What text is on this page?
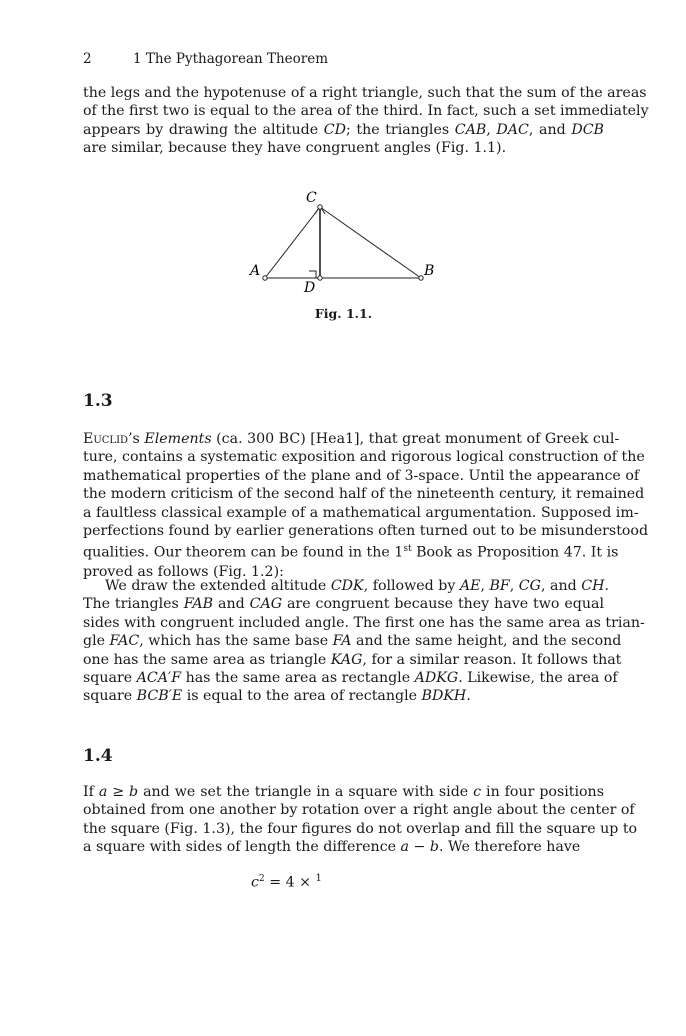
2	1 The Pythagorean Theorem
the legs and the hypotenuse of a right triangle, such that the sum of the areas
of the first two is equal to the area of the third. In fact, such a set immediately
appears by drawing the altitude CD; the triangles CAB, DAC, and DCB
are similar, because they have congruent angles (Fig. 1.1).
C
A	B
D
Fig. 1.1.
1.3
Euclid’s Elements (ca. 300 BC) [Hea1], that great monument of Greek cul-
ture, contains a systematic exposition and rigorous logical construction of the
mathematical properties of the plane and of 3-space. Until the appearance of
the modern criticism of the second half of the nineteenth century, it remained
a faultless classical example of a mathematical argumentation. Supposed im-
perfections found by earlier generations often turned out to be misunderstood
qualities. Our theorem can be found in the 1st Book as Proposition 47. It is
proved as follows (Fig. 1.2):
We draw the extended altitude CDK, followed by AE, BF, CG, and CH.
The triangles FAB and CAG are congruent because they have two equal
sides with congruent included angle. The first one has the same area as trian-
gle FAC, which has the same base FA and the same height, and the second
one has the same area as triangle KAG, for a similar reason. It follows that
square ACA′F has the same area as rectangle ADKG. Likewise, the area of
square BCB′E is equal to the area of rectangle BDKH.
1.4
If a ≥ b and we set the triangle in a square with side c in four positions
obtained from one another by rotation over a right angle about the center of
the square (Fig. 1.3), the four figures do not overlap and fill the square up to
a square with sides of length the difference a − b. We therefore have
$c^2 = 4 \times ^1$
